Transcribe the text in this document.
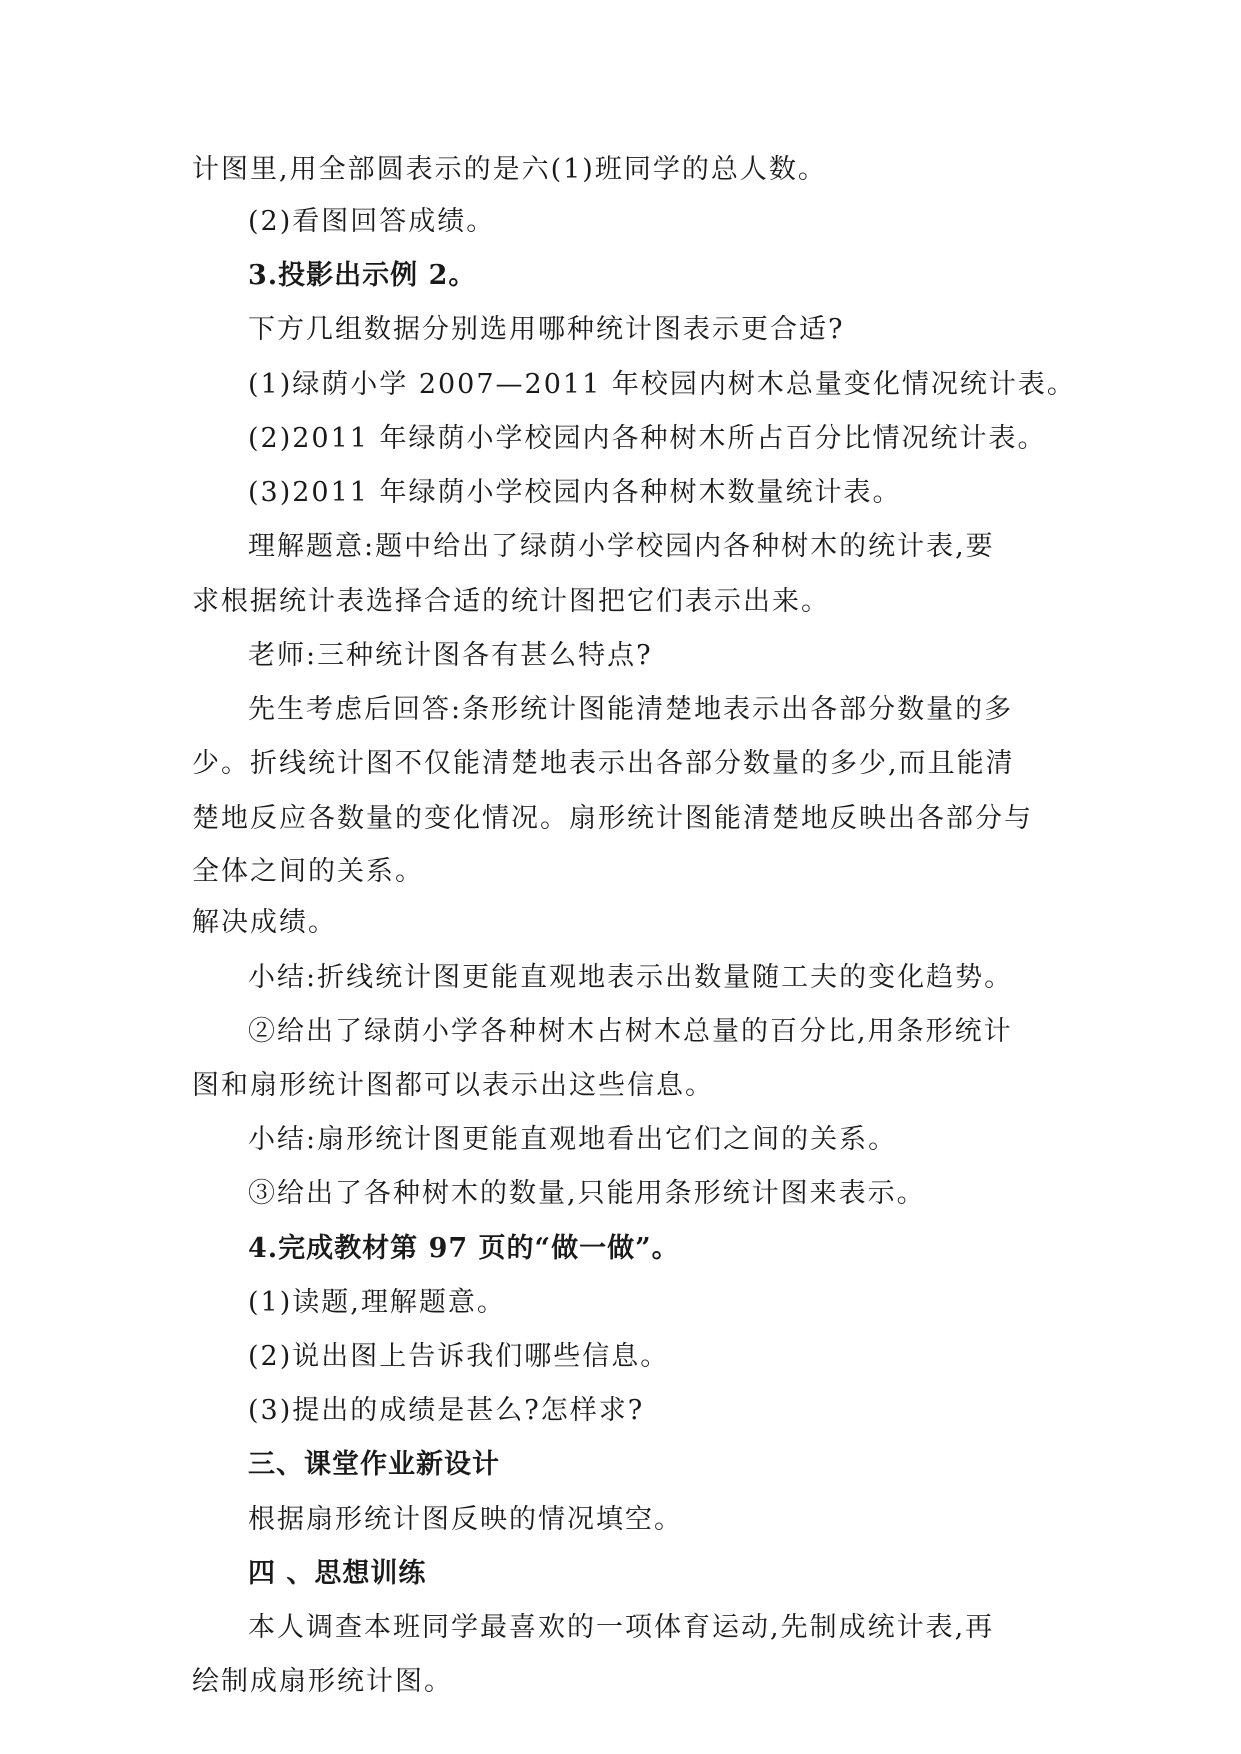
计图里,用全部圆表示的是六(1)班同学的总人数。
(2)看图回答成绩。
3.投影出示例 2。
下方几组数据分别选用哪种统计图表示更合适?
(1)绿荫小学 2007—2011 年校园内树木总量变化情况统计表。
(2)2011 年绿荫小学校园内各种树木所占百分比情况统计表。
(3)2011 年绿荫小学校园内各种树木数量统计表。
理解题意:题中给出了绿荫小学校园内各种树木的统计表,要
求根据统计表选择合适的统计图把它们表示出来。
老师:三种统计图各有甚么特点?
先生考虑后回答:条形统计图能清楚地表示出各部分数量的多
少。折线统计图不仅能清楚地表示出各部分数量的多少,而且能清
楚地反应各数量的变化情况。扇形统计图能清楚地反映出各部分与
全体之间的关系。
解决成绩。
小结:折线统计图更能直观地表示出数量随工夫的变化趋势。
②给出了绿荫小学各种树木占树木总量的百分比,用条形统计
图和扇形统计图都可以表示出这些信息。
小结:扇形统计图更能直观地看出它们之间的关系。
③给出了各种树木的数量,只能用条形统计图来表示。
4.完成教材第 97 页的“做一做”。
(1)读题,理解题意。
(2)说出图上告诉我们哪些信息。
(3)提出的成绩是甚么?怎样求?
三、课堂作业新设计
根据扇形统计图反映的情况填空。
四 、思想训练
本人调查本班同学最喜欢的一项体育运动,先制成统计表,再
绘制成扇形统计图。
